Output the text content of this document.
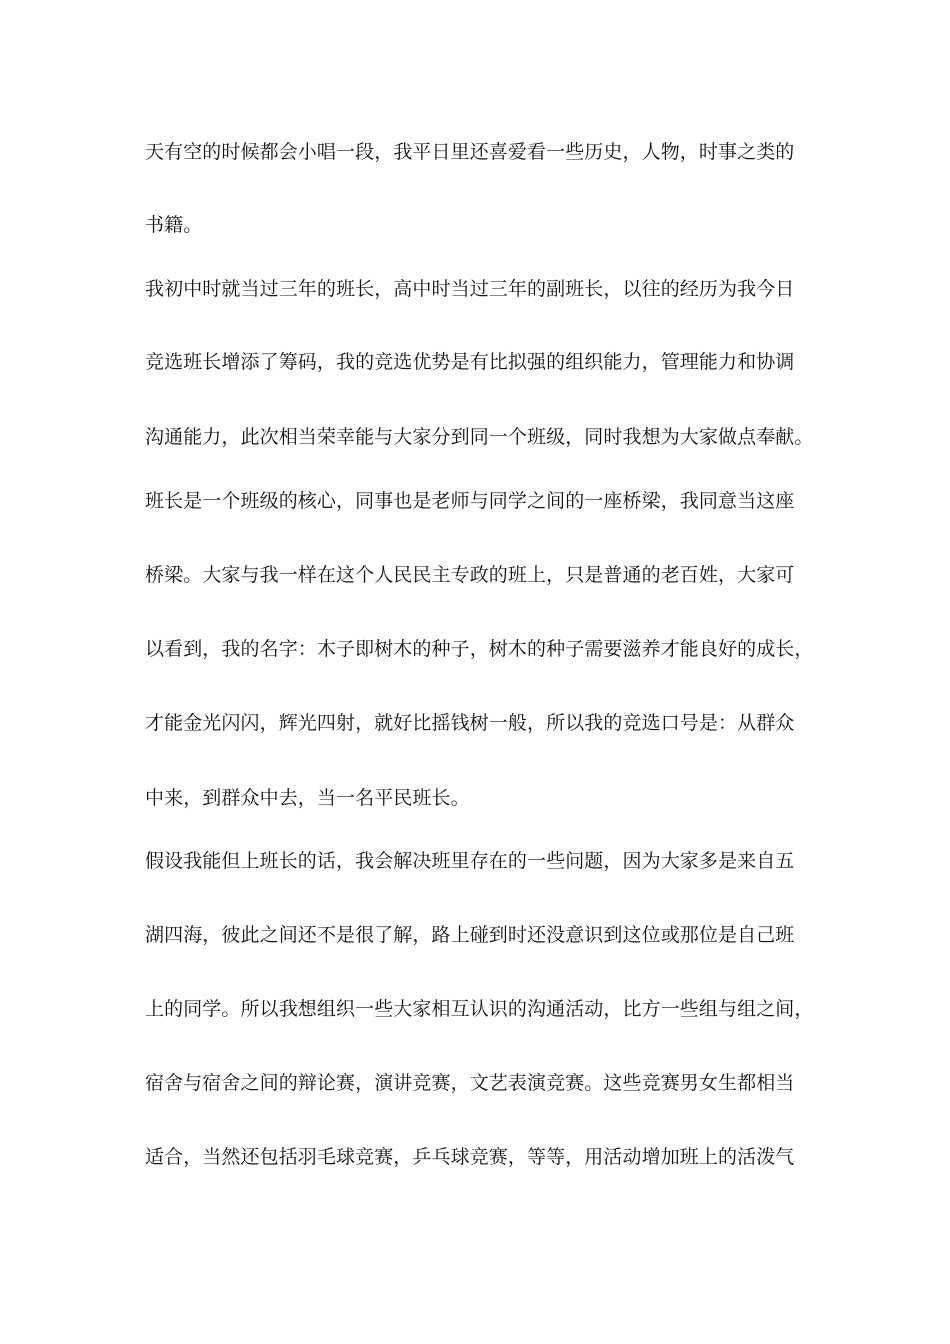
天有空的时候都会小唱一段，我平日里还喜爱看一些历史，人物，时事之类的

书籍。

我初中时就当过三年的班长，高中时当过三年的副班长，以往的经历为我今日

竞选班长增添了筹码，我的竞选优势是有比拟强的组织能力，管理能力和协调

沟通能力，此次相当荣幸能与大家分到同一个班级，同时我想为大家做点奉献。

班长是一个班级的核心，同事也是老师与同学之间的一座桥梁，我同意当这座

桥梁。大家与我一样在这个人民民主专政的班上，只是普通的老百姓，大家可

以看到，我的名字：木子即树木的种子，树木的种子需要滋养才能良好的成长，

才能金光闪闪，辉光四射，就好比摇钱树一般，所以我的竞选口号是：从群众

中来，到群众中去，当一名平民班长。

假设我能但上班长的话，我会解决班里存在的一些问题，因为大家多是来自五

湖四海，彼此之间还不是很了解，路上碰到时还没意识到这位或那位是自己班

上的同学。所以我想组织一些大家相互认识的沟通活动，比方一些组与组之间，

宿舍与宿舍之间的辩论赛，演讲竞赛，文艺表演竞赛。这些竞赛男女生都相当

适合，当然还包括羽毛球竞赛，乒乓球竞赛，等等，用活动增加班上的活泼气
